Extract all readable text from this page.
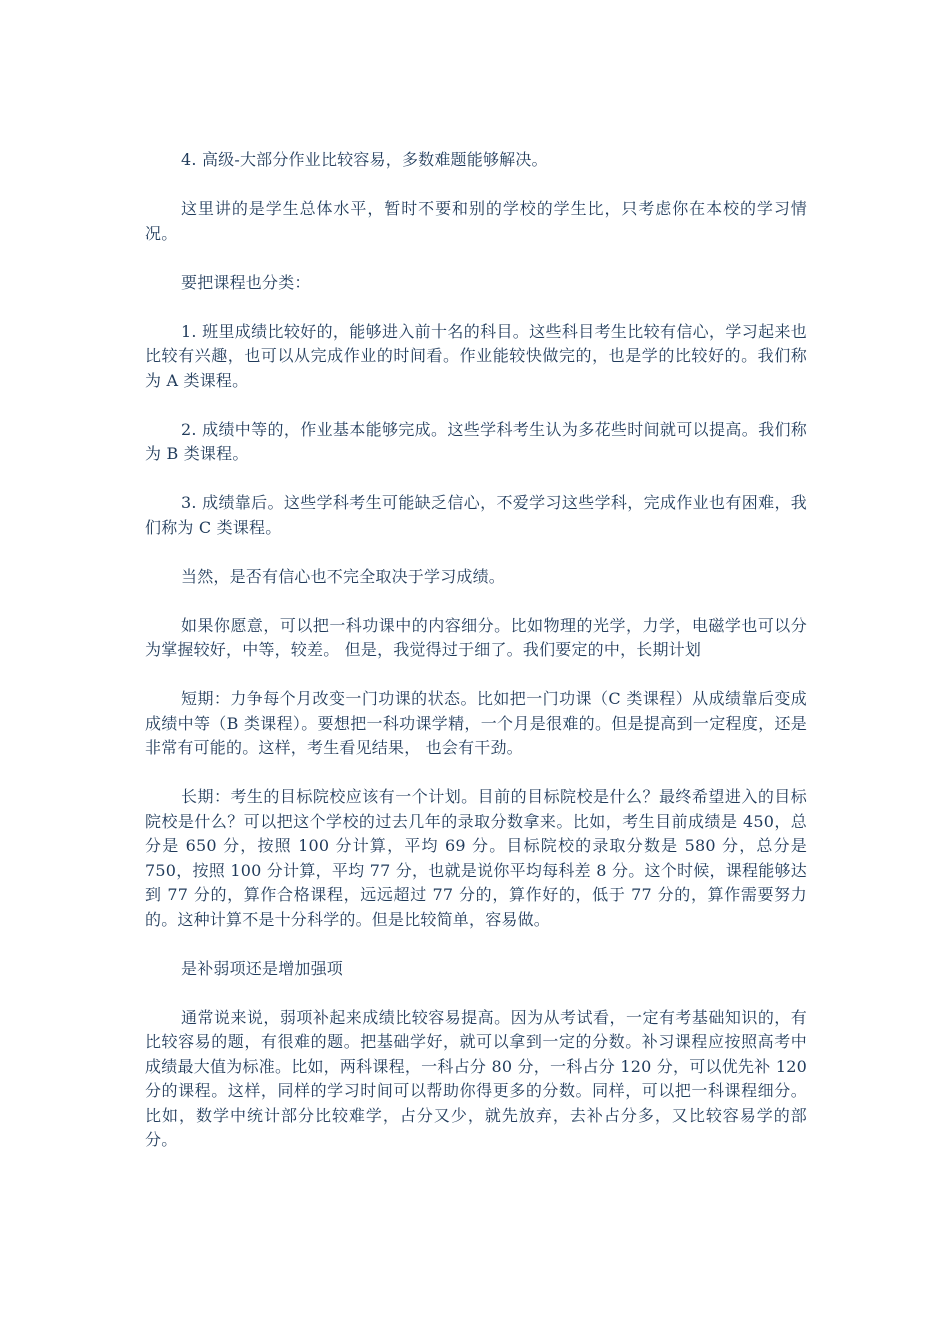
4. 高级-大部分作业比较容易，多数难题能够解决。

这里讲的是学生总体水平，暂时不要和别的学校的学生比，只考虑你在本校的学习情况。

要把课程也分类：

1. 班里成绩比较好的，能够进入前十名的科目。这些科目考生比较有信心，学习起来也比较有兴趣，也可以从完成作业的时间看。作业能较快做完的，也是学的比较好的。我们称为 A 类课程。

2. 成绩中等的，作业基本能够完成。这些学科考生认为多花些时间就可以提高。我们称为 B 类课程。

3. 成绩靠后。这些学科考生可能缺乏信心，不爱学习这些学科，完成作业也有困难，我们称为 C 类课程。

当然，是否有信心也不完全取决于学习成绩。

如果你愿意，可以把一科功课中的内容细分。比如物理的光学，力学，电磁学也可以分为掌握较好，中等，较差。 但是，我觉得过于细了。我们要定的中，长期计划

短期：力争每个月改变一门功课的状态。比如把一门功课（C 类课程）从成绩靠后变成成绩中等（B 类课程）。要想把一科功课学精，一个月是很难的。但是提高到一定程度，还是非常有可能的。这样，考生看见结果， 也会有干劲。

长期：考生的目标院校应该有一个计划。目前的目标院校是什么？最终希望进入的目标院校是什么？可以把这个学校的过去几年的录取分数拿来。比如，考生目前成绩是 450，总分是 650 分，按照 100 分计算，平均 69 分。目标院校的录取分数是 580 分，总分是 750，按照 100 分计算，平均 77 分，也就是说你平均每科差 8 分。这个时候，课程能够达到 77 分的，算作合格课程，远远超过 77 分的，算作好的，低于 77 分的，算作需要努力的。这种计算不是十分科学的。但是比较简单，容易做。

是补弱项还是增加强项

通常说来说，弱项补起来成绩比较容易提高。因为从考试看，一定有考基础知识的，有比较容易的题，有很难的题。把基础学好，就可以拿到一定的分数。补习课程应按照高考中成绩最大值为标准。比如，两科课程，一科占分 80 分，一科占分 120 分，可以优先补 120 分的课程。这样，同样的学习时间可以帮助你得更多的分数。同样，可以把一科课程细分。比如，数学中统计部分比较难学，占分又少，就先放弃，去补占分多，又比较容易学的部分。
